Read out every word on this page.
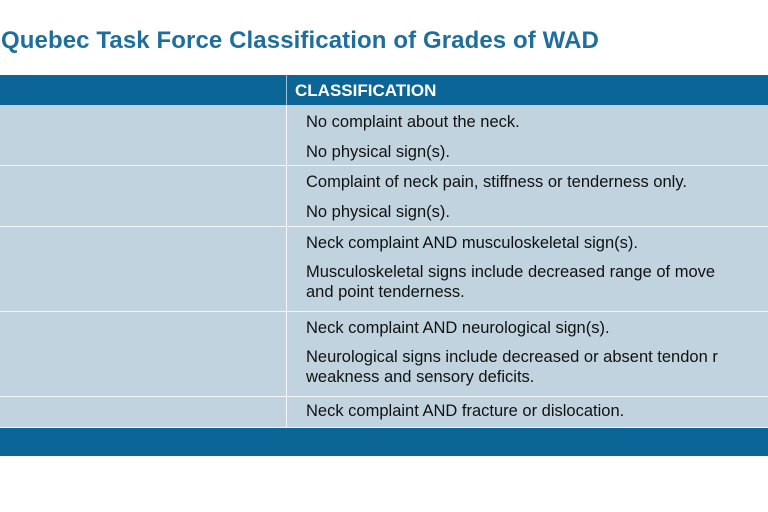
Quebec Task Force Classification of Grades of WAD
CLASSIFICATION
No complaint about the neck.
No physical sign(s).
Complaint of neck pain, stiffness or tenderness only.
No physical sign(s).
Neck complaint AND musculoskeletal sign(s).
Musculoskeletal signs include decreased range of move
and point tenderness.
Neck complaint AND neurological sign(s).
Neurological signs include decreased or absent tendon r
weakness and sensory deficits.
Neck complaint AND fracture or dislocation.
